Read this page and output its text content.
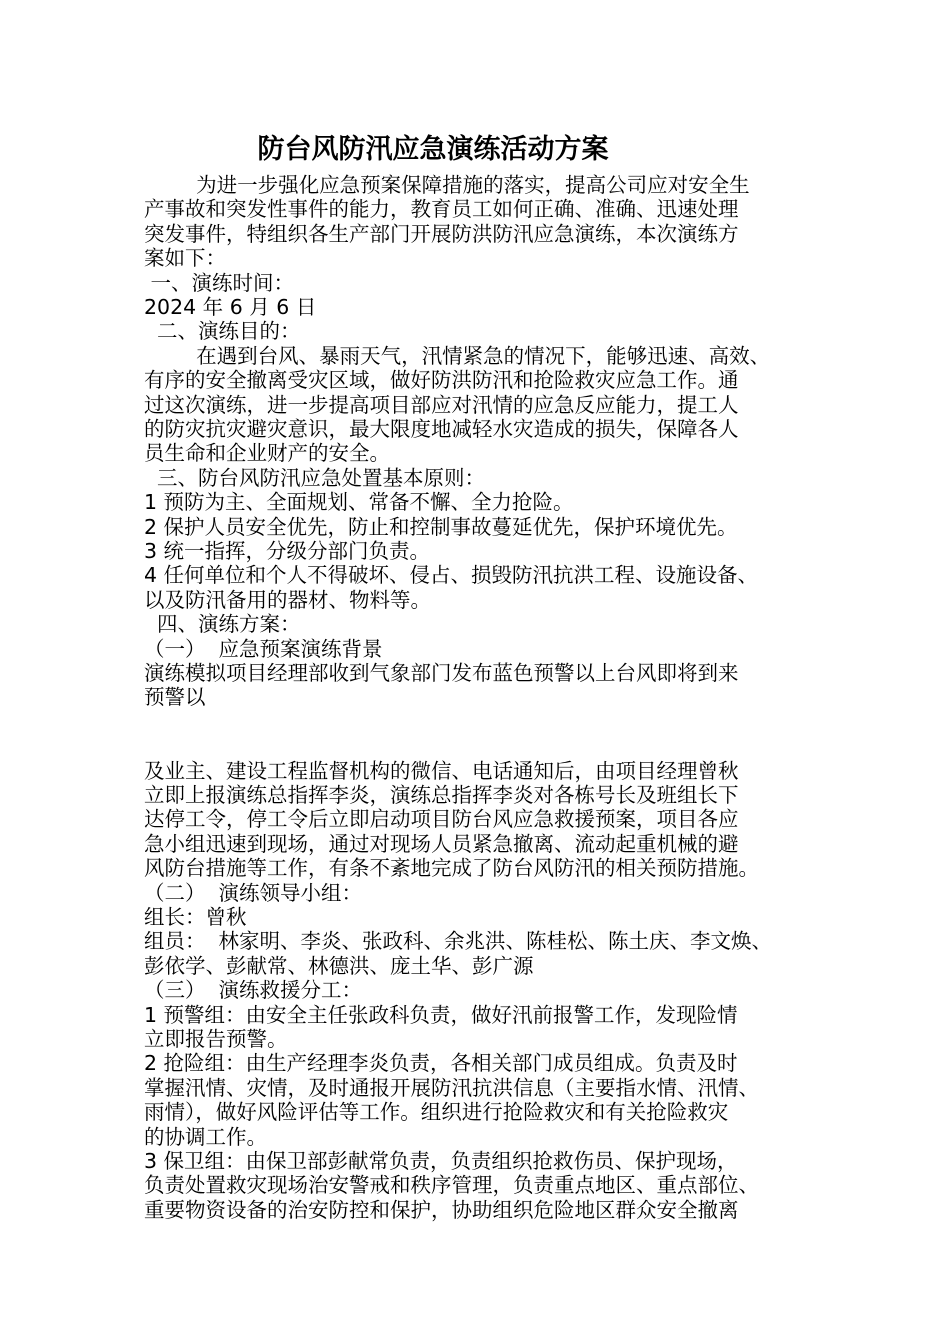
防台风防汛应急演练活动方案
为进一步强化应急预案保障措施的落实，提高公司应对安全生
产事故和突发性事件的能力，教育员工如何正确、准确、迅速处理
突发事件，特组织各生产部门开展防洪防汛应急演练，本次演练方
案如下：
一、演练时间：
2024 年 6 月 6 日
二、演练目的：
在遇到台风、暴雨天气，汛情紧急的情况下，能够迅速、高效、
有序的安全撤离受灾区域，做好防洪防汛和抢险救灾应急工作。通
过这次演练，进一步提高项目部应对汛情的应急反应能力，提工人
的防灾抗灾避灾意识，最大限度地减轻水灾造成的损失，保障各人
员生命和企业财产的安全。
三、防台风防汛应急处置基本原则：
1 预防为主、全面规划、常备不懈、全力抢险。
2 保护人员安全优先，防止和控制事故蔓延优先，保护环境优先。
3 统一指挥，分级分部门负责。
4 任何单位和个人不得破坏、侵占、损毁防汛抗洪工程、设施设备、
以及防汛备用的器材、物料等。
四、演练方案：
（一）  应急预案演练背景
演练模拟项目经理部收到气象部门发布蓝色预警以上台风即将到来
预警以
及业主、建设工程监督机构的微信、电话通知后，由项目经理曾秋
立即上报演练总指挥李炎，演练总指挥李炎对各栋号长及班组长下
达停工令，停工令后立即启动项目防台风应急救援预案，项目各应
急小组迅速到现场，通过对现场人员紧急撤离、流动起重机械的避
风防台措施等工作，有条不紊地完成了防台风防汛的相关预防措施。
（二）  演练领导小组：
组长：曾秋
组员：  林家明、李炎、张政科、余兆洪、陈桂松、陈土庆、李文焕、
彭依学、彭献常、林德洪、庞土华、彭广源
（三）  演练救援分工：
1 预警组：由安全主任张政科负责，做好汛前报警工作，发现险情
立即报告预警。
2 抢险组：由生产经理李炎负责，各相关部门成员组成。负责及时
掌握汛情、灾情，及时通报开展防汛抗洪信息（主要指水情、汛情、
雨情），做好风险评估等工作。组织进行抢险救灾和有关抢险救灾
的协调工作。
3 保卫组：由保卫部彭献常负责，负责组织抢救伤员、保护现场，
负责处置救灾现场治安警戒和秩序管理，负责重点地区、重点部位、
重要物资设备的治安防控和保护，协助组织危险地区群众安全撤离
